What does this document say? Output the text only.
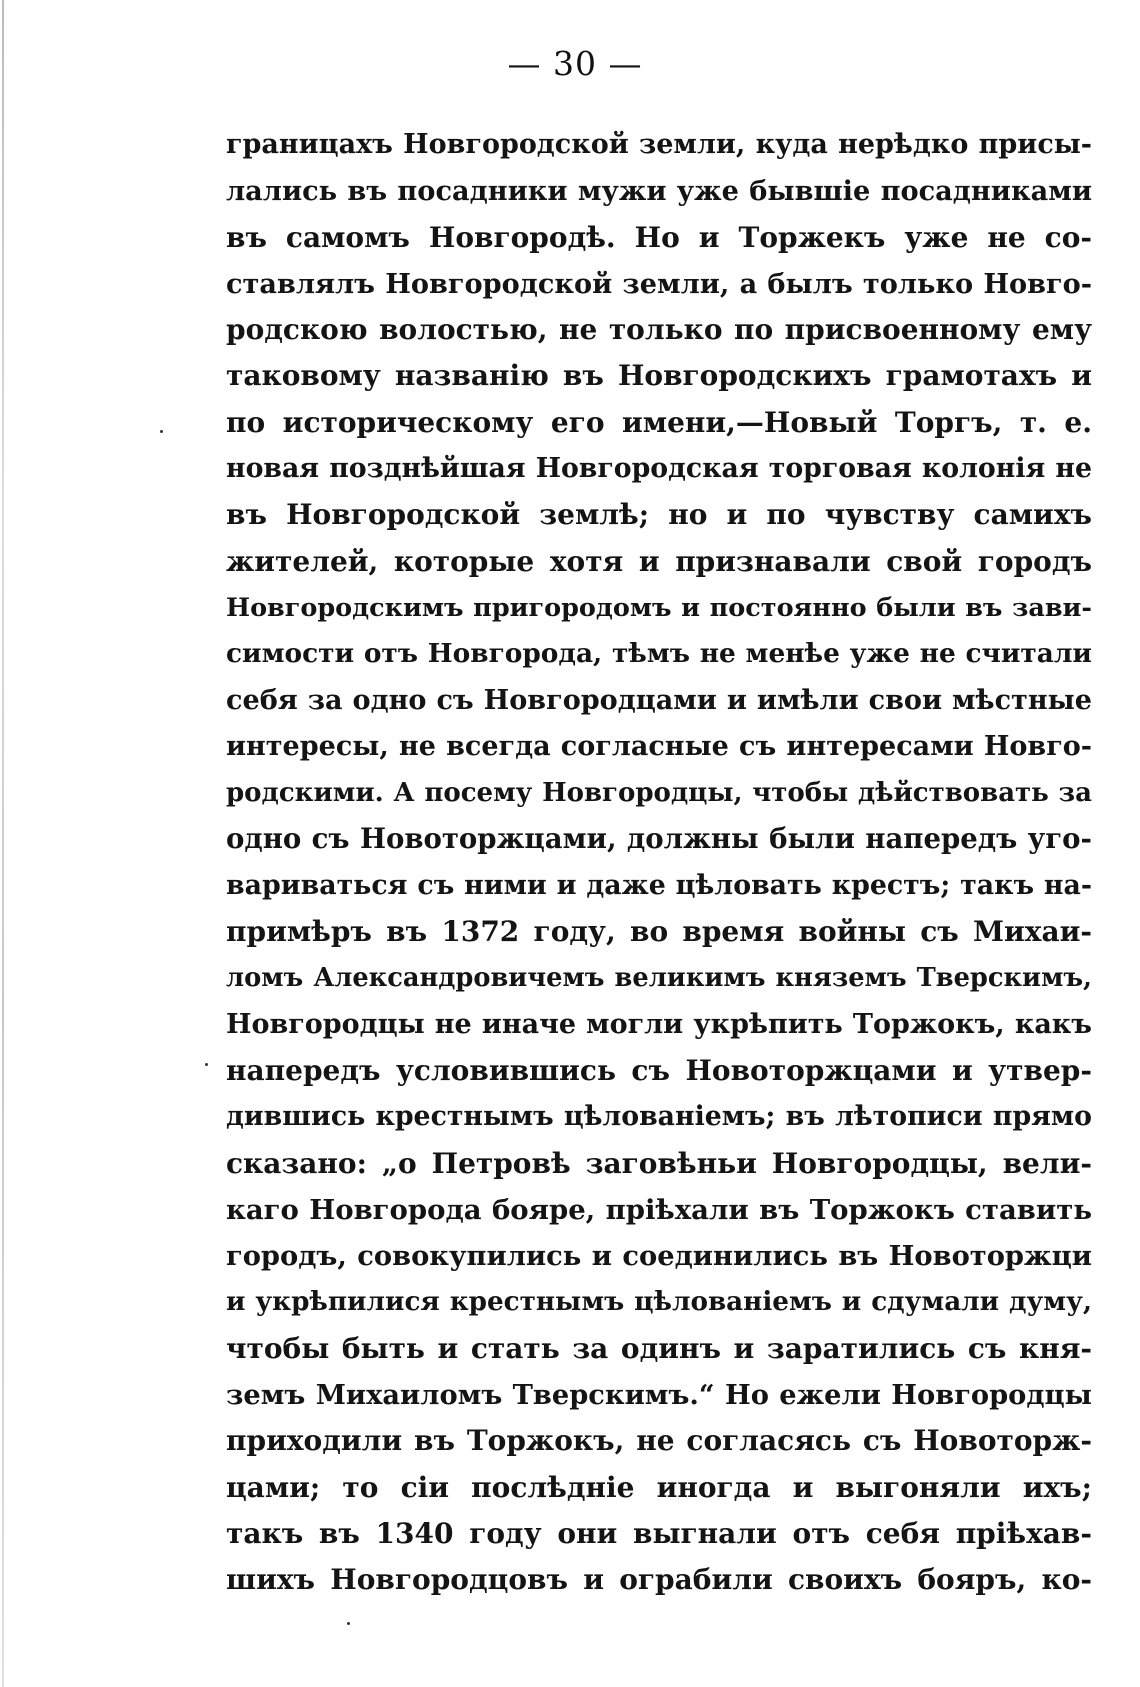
— 30 —
границахъ Новгородской земли, куда нерѣдко присы-
лались въ посадники мужи уже бывшіе посадниками
въ самомъ Новгородѣ. Но и Торжекъ уже не со-
ставлялъ Новгородской земли, а былъ только Новго-
родскою волостью, не только по присвоенному ему
таковому названію въ Новгородскихъ грамотахъ и
по историческому его имени,—Новый Торгъ, т. е.
новая позднѣйшая Новгородская торговая колонія не
въ Новгородской землѣ; но и по чувству самихъ
жителей, которые хотя и признавали свой городъ
Новгородскимъ пригородомъ и постоянно были въ зави-
симости отъ Новгорода, тѣмъ не менѣе уже не считали
себя за одно съ Новгородцами и имѣли свои мѣстные
интересы, не всегда согласные съ интересами Новго-
родскими. А посему Новгородцы, чтобы дѣйствовать за
одно съ Новоторжцами, должны были напередъ уго-
вариваться съ ними и даже цѣловать крестъ; такъ на-
примѣръ въ 1372 году, во время войны съ Михаи-
ломъ Александровичемъ великимъ княземъ Тверскимъ,
Новгородцы не иначе могли укрѣпить Торжокъ, какъ
напередъ условившись съ Новоторжцами и утвер-
дившись крестнымъ цѣлованіемъ; въ лѣтописи прямо
сказано: „о Петровѣ заговѣньи Новгородцы, вели-
каго Новгорода бояре, пріѣхали въ Торжокъ ставить
городъ, совокупились и соединились въ Новоторжци
и укрѣпилися крестнымъ цѣлованіемъ и сдумали думу,
чтобы быть и стать за одинъ и заратились съ кня-
земъ Михаиломъ Тверскимъ.“ Но ежели Новгородцы
приходили въ Торжокъ, не согласясь съ Новоторж-
цами; то сіи послѣдніе иногда и выгоняли ихъ;
такъ въ 1340 году они выгнали отъ себя пріѣхав-
шихъ Новгородцовъ и ограбили своихъ бояръ, ко-
